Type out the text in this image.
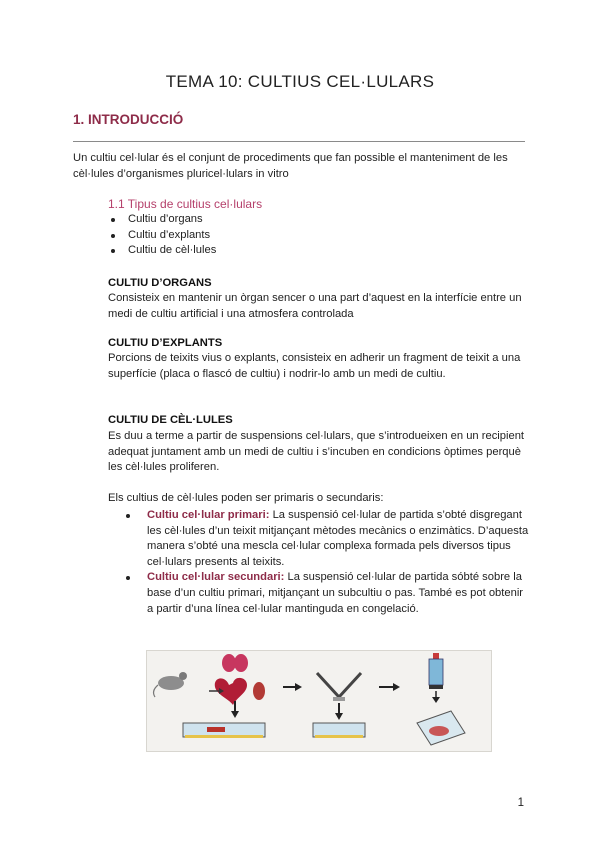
TEMA 10: CULTIUS CEL·LULARS
1. INTRODUCCIÓ
Un cultiu cel·lular és el conjunt de procediments que fan possible el manteniment de les cèl·lules d’organismes pluricel·lulars in vitro
1.1 Tipus de cultius cel·lulars
Cultiu d’organs
Cultiu d’explants
Cultiu de cèl·lules
CULTIU D’ORGANS
Consisteix en mantenir un òrgan sencer o una part d’aquest en la interfície entre un medi de cultiu artificial i una atmosfera controlada
CULTIU D’EXPLANTS
Porcions de teixits vius o explants, consisteix en adherir un fragment de teixit a una superfície (placa o flascó de cultiu) i nodrir-lo amb un medi de cultiu.
CULTIU DE CÈL·LULES
Es duu a terme a partir de suspensions cel·lulars, que s’introdueixen en un recipient adequat juntament amb un medi de cultiu i s’incuben en condicions òptimes perquè les cèl·lules proliferen.
Els cultius de cèl·lules poden ser primaris o secundaris:
Cultiu cel·lular primari: La suspensió cel·lular de partida s’obté disgregant les cèl·lules d’un teixit mitjançant mètodes mecànics o enzimàtics. D’aquesta manera s’obté una mescla cel·lular complexa formada pels diversos tipus cel·lulars presents al teixits.
Cultiu cel·lular secundari: La suspensió cel·lular de partida sóbté sobre la base d’un cultiu primari, mitjançant un subcultiu o pas. També es pot obtenir a partir d’una línea cel·lular mantinguda en congelació.
1
